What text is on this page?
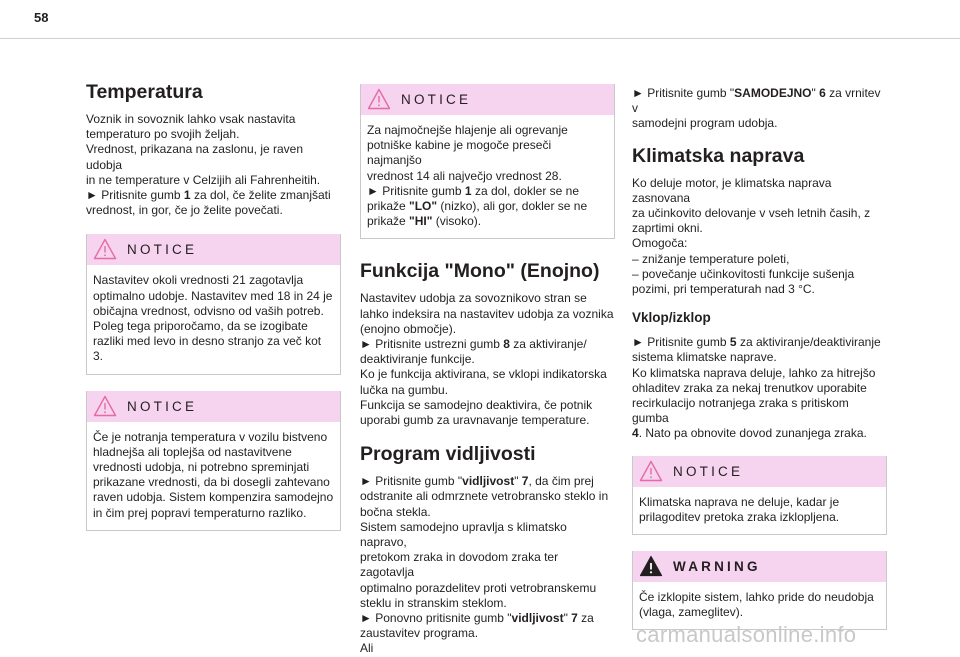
58
Temperatura

Voznik in sovoznik lahko vsak nastavita
temperaturo po svojih željah.
Vrednost, prikazana na zaslonu, je raven udobja
in ne temperature v Celzijih ali Fahrenheitih.
► Pritisnite gumb 1 za dol, če želite zmanjšati
vrednost, in gor, če jo želite povečati.

NOTICE
Nastavitev okoli vrednosti 21 zagotavlja
optimalno udobje. Nastavitev med 18 in 24 je
običajna vrednost, odvisno od vaših potreb.
Poleg tega priporočamo, da se izogibate
razliki med levo in desno stranjo za več kot 3.
NOTICE
Če je notranja temperatura v vozilu bistveno
hladnejša ali toplejša od nastavitvene
vrednosti udobja, ni potrebno spreminjati
prikazane vrednosti, da bi dosegli zahtevano
raven udobja. Sistem kompenzira samodejno
in čim prej popravi temperaturno razliko.
NOTICE
Za najmočnejše hlajenje ali ogrevanje
potniške kabine je mogoče preseči najmanjšo
vrednost 14 ali največjo vrednost 28.
► Pritisnite gumb 1 za dol, dokler se ne
prikaže "LO" (nizko), ali gor, dokler se ne
prikaže "HI" (visoko).
Funkcija "Mono" (Enojno)

Nastavitev udobja za sovoznikovo stran se
lahko indeksira na nastavitev udobja za voznika
(enojno območje).
► Pritisnite ustrezni gumb 8 za aktiviranje/
deaktiviranje funkcije.
Ko je funkcija aktivirana, se vklopi indikatorska
lučka na gumbu.
Funkcija se samodejno deaktivira, če potnik
uporabi gumb za uravnavanje temperature.

Program vidljivosti

► Pritisnite gumb "vidljivost" 7, da čim prej
odstranite ali odmrznete vetrobransko steklo in
bočna stekla.
Sistem samodejno upravlja s klimatsko napravo,
pretokom zraka in dovodom zraka ter zagotavlja
optimalno porazdelitev proti vetrobranskemu
steklu in stranskim steklom.
► Ponovno pritisnite gumb "vidljivost" 7 za
zaustavitev programa.
Ali

► Pritisnite gumb "SAMODEJNO" 6 za vrnitev v
samodejni program udobja.

Klimatska naprava

Ko deluje motor, je klimatska naprava zasnovana
za učinkovito delovanje v vseh letnih časih, z
zaprtimi okni.
Omogoča:
– znižanje temperature poleti,
– povečanje učinkovitosti funkcije sušenja
pozimi, pri temperaturah nad 3 °C.

Vklop/izklop

► Pritisnite gumb 5 za aktiviranje/deaktiviranje
sistema klimatske naprave.
Ko klimatska naprava deluje, lahko za hitrejšo
ohladitev zraka za nekaj trenutkov uporabite
recirkulacijo notranjega zraka s pritiskom gumba
4. Nato pa obnovite dovod zunanjega zraka.

NOTICE
Klimatska naprava ne deluje, kadar je
prilagoditev pretoka zraka izklopljena.
WARNING
Če izklopite sistem, lahko pride do neudobja
(vlaga, zameglitev).
carmanualsonline.info
